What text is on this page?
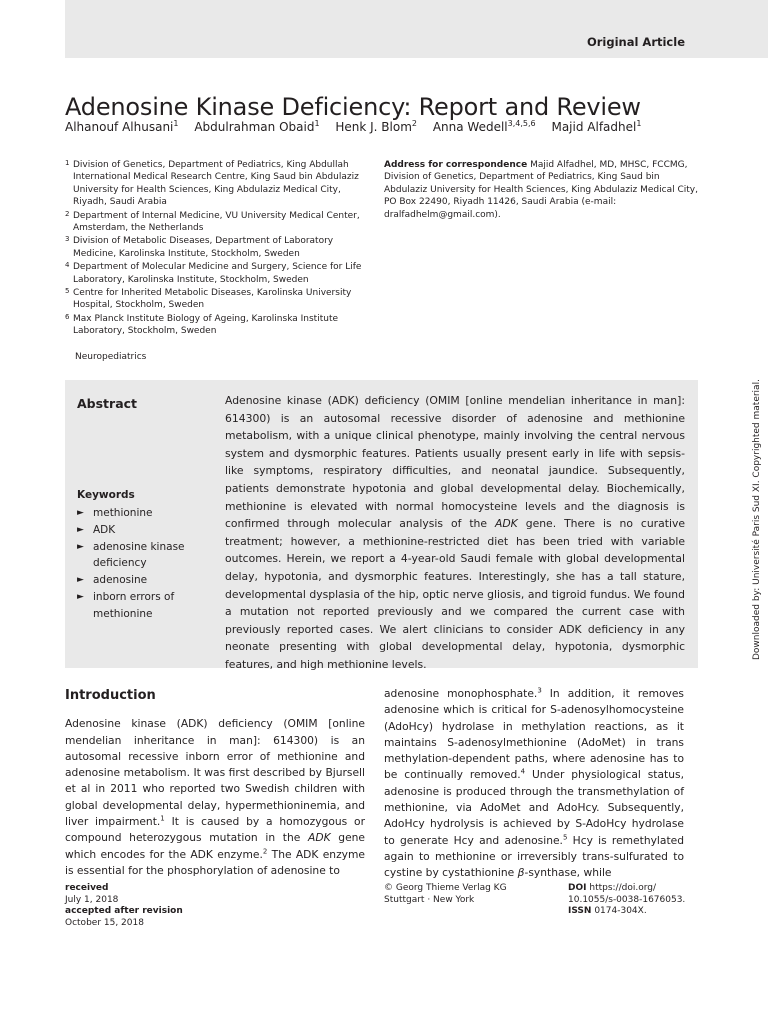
Original Article
Adenosine Kinase Deficiency: Report and Review
Alhanouf Alhusani$^1$ Abdulrahman Obaid$^1$ Henk J. Blom$^2$ Anna Wedell$^{3,4,5,6}$ Majid Alfadhel$^1$
1 Division of Genetics, Department of Pediatrics, King Abdullah International Medical Research Centre, King Saud bin Abdulaziz University for Health Sciences, King Abdulaziz Medical City, Riyadh, Saudi Arabia
2 Department of Internal Medicine, VU University Medical Center, Amsterdam, the Netherlands
3 Division of Metabolic Diseases, Department of Laboratory Medicine, Karolinska Institute, Stockholm, Sweden
4 Department of Molecular Medicine and Surgery, Science for Life Laboratory, Karolinska Institute, Stockholm, Sweden
5 Centre for Inherited Metabolic Diseases, Karolinska University Hospital, Stockholm, Sweden
6 Max Planck Institute Biology of Ageing, Karolinska Institute Laboratory, Stockholm, Sweden
Address for correspondence Majid Alfadhel, MD, MHSC, FCCMG, Division of Genetics, Department of Pediatrics, King Saud bin Abdulaziz University for Health Sciences, King Abdulaziz Medical City, PO Box 22490, Riyadh 11426, Saudi Arabia (e-mail: dralfadhelm@gmail.com).
Neuropediatrics
Abstract
Keywords
► methionine
► ADK
► adenosine kinase deficiency
► adenosine
► inborn errors of methionine

Adenosine kinase (ADK) deficiency (OMIM [online mendelian inheritance in man]: 614300) is an autosomal recessive disorder of adenosine and methionine metabolism, with a unique clinical phenotype, mainly involving the central nervous system and dysmorphic features. Patients usually present early in life with sepsis-like symptoms, respiratory difficulties, and neonatal jaundice. Subsequently, patients demonstrate hypotonia and global developmental delay. Biochemically, methionine is elevated with normal homocysteine levels and the diagnosis is confirmed through molecular analysis of the ADK gene. There is no curative treatment; however, a methionine-restricted diet has been tried with variable outcomes. Herein, we report a 4-year-old Saudi female with global developmental delay, hypotonia, and dysmorphic features. Interestingly, she has a tall stature, developmental dysplasia of the hip, optic nerve gliosis, and tigroid fundus. We found a mutation not reported previously and we compared the current case with previously reported cases. We alert clinicians to consider ADK deficiency in any neonate presenting with global developmental delay, hypotonia, dysmorphic features, and high methionine levels.

Downloaded by: Université Paris Sud XI. Copyrighted material.
Introduction

Adenosine kinase (ADK) deficiency (OMIM [online mendelian inheritance in man]: 614300) is an autosomal recessive inborn error of methionine and adenosine metabolism. It was first described by Bjursell et al in 2011 who reported two Swedish children with global developmental delay, hypermethioninemia, and liver impairment.$^1$ It is caused by a homozygous or compound heterozygous mutation in the ADK gene which encodes for the ADK enzyme.$^2$ The ADK enzyme is essential for the phosphorylation of adenosine to

adenosine monophosphate.$^3$ In addition, it removes adenosine which is critical for S-adenosylhomocysteine (AdoHcy) hydrolase in methylation reactions, as it maintains S-adenosylmethionine (AdoMet) in trans methylation-dependent paths, where adenosine has to be continually removed.$^4$ Under physiological status, adenosine is produced through the transmethylation of methionine, via AdoMet and AdoHcy. Subsequently, AdoHcy hydrolysis is achieved by S-AdoHcy hydrolase to generate Hcy and adenosine.$^5$ Hcy is remethylated again to methionine or irreversibly trans-sulfurated to cystine by cystathionine β-synthase, while

received
July 1, 2018
accepted after revision
October 15, 2018
© Georg Thieme Verlag KG
Stuttgart · New York
DOI https://doi.org/
10.1055/s-0038-1676053.
ISSN 0174-304X.
